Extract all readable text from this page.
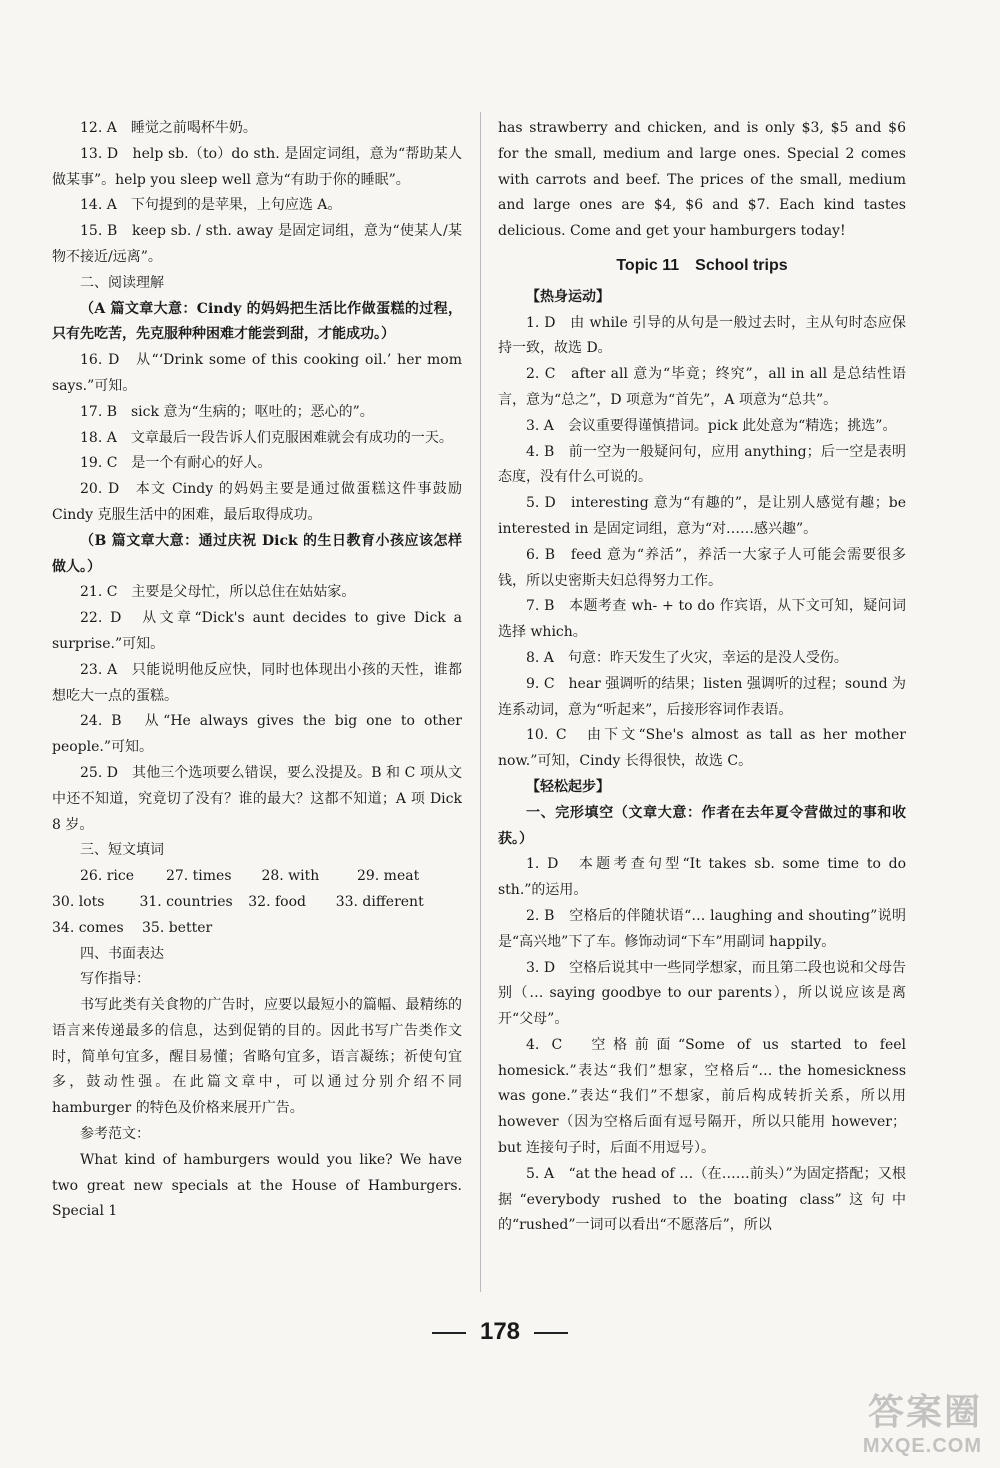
12. A　睡觉之前喝杯牛奶。

13. D　help sb.（to）do sth. 是固定词组，意为“帮助某人做某事”。help you sleep well 意为“有助于你的睡眠”。

14. A　下句提到的是苹果，上句应选 A。

15. B　keep sb. / sth. away 是固定词组，意为“使某人/某物不接近/远离”。

二、阅读理解

（A 篇文章大意：Cindy 的妈妈把生活比作做蛋糕的过程，只有先吃苦，先克服种种困难才能尝到甜，才能成功。）

16. D　从“‘Drink some of this cooking oil.’ her mom says.”可知。

17. B　sick 意为“生病的；呕吐的；恶心的”。

18. A　文章最后一段告诉人们克服困难就会有成功的一天。

19. C　是一个有耐心的好人。

20. D　本文 Cindy 的妈妈主要是通过做蛋糕这件事鼓励 Cindy 克服生活中的困难，最后取得成功。

（B 篇文章大意：通过庆祝 Dick 的生日教育小孩应该怎样做人。）

21. C　主要是父母忙，所以总住在姑姑家。

22. D　从文章“Dick's aunt decides to give Dick a surprise.”可知。

23. A　只能说明他反应快，同时也体现出小孩的天性，谁都想吃大一点的蛋糕。

24. B　从“He always gives the big one to other people.”可知。

25. D　其他三个选项要么错误，要么没提及。B 和 C 项从文中还不知道，究竟切了没有？谁的最大？这都不知道；A 项 Dick 8 岁。

三、短文填词

26. rice	27. times	28. with	29. meat
30. lots	31. countries	32. food	33. different
34. comes	35. better

四、书面表达

写作指导：

书写此类有关食物的广告时，应要以最短小的篇幅、最精练的语言来传递最多的信息，达到促销的目的。因此书写广告类作文时，简单句宜多，醒目易懂；省略句宜多，语言凝练；祈使句宜多，鼓动性强。在此篇文章中，可以通过分别介绍不同 hamburger 的特色及价格来展开广告。

参考范文：

What kind of hamburgers would you like? We have two great new specials at the House of Hamburgers. Special 1

has strawberry and chicken, and is only $3, $5 and $6 for the small, medium and large ones. Special 2 comes with carrots and beef. The prices of the small, medium and large ones are $4, $6 and $7. Each kind tastes delicious. Come and get your hamburgers today!

Topic 11　School trips

【热身运动】

1. D　由 while 引导的从句是一般过去时，主从句时态应保持一致，故选 D。

2. C　after all 意为“毕竟；终究”，all in all 是总结性语言，意为“总之”，D 项意为“首先”，A 项意为“总共”。

3. A　会议重要得谨慎措词。pick 此处意为“精选；挑选”。

4. B　前一空为一般疑问句，应用 anything；后一空是表明态度，没有什么可说的。

5. D　interesting 意为“有趣的”，是让别人感觉有趣；be interested in 是固定词组，意为“对……感兴趣”。

6. B　feed 意为“养活”，养活一大家子人可能会需要很多钱，所以史密斯夫妇总得努力工作。

7. B　本题考查 wh- + to do 作宾语，从下文可知，疑问词选择 which。

8. A　句意：昨天发生了火灾，幸运的是没人受伤。

9. C　hear 强调听的结果；listen 强调听的过程；sound 为连系动词，意为“听起来”，后接形容词作表语。

10. C　由下文“She's almost as tall as her mother now.”可知，Cindy 长得很快，故选 C。

【轻松起步】

一、完形填空（文章大意：作者在去年夏令营做过的事和收获。）

1. D　本题考查句型“It takes sb. some time to do sth.”的运用。

2. B　空格后的伴随状语“… laughing and shouting”说明是“高兴地”下了车。修饰动词“下车”用副词 happily。

3. D　空格后说其中一些同学想家，而且第二段也说和父母告别（… saying goodbye to our parents），所以说应该是离开“父母”。

4. C　空格前面“Some of us started to feel homesick.”表达“我们”想家，空格后“… the homesickness was gone.”表达“我们”不想家，前后构成转折关系，所以用 however（因为空格后面有逗号隔开，所以只能用 however；but 连接句子时，后面不用逗号）。

5. A　“at the head of …（在……前头）”为固定搭配；又根据“everybody rushed to the boating class”这句中的“rushed”一词可以看出“不愿落后”，所以

178
答案圈
MXQE.COM
